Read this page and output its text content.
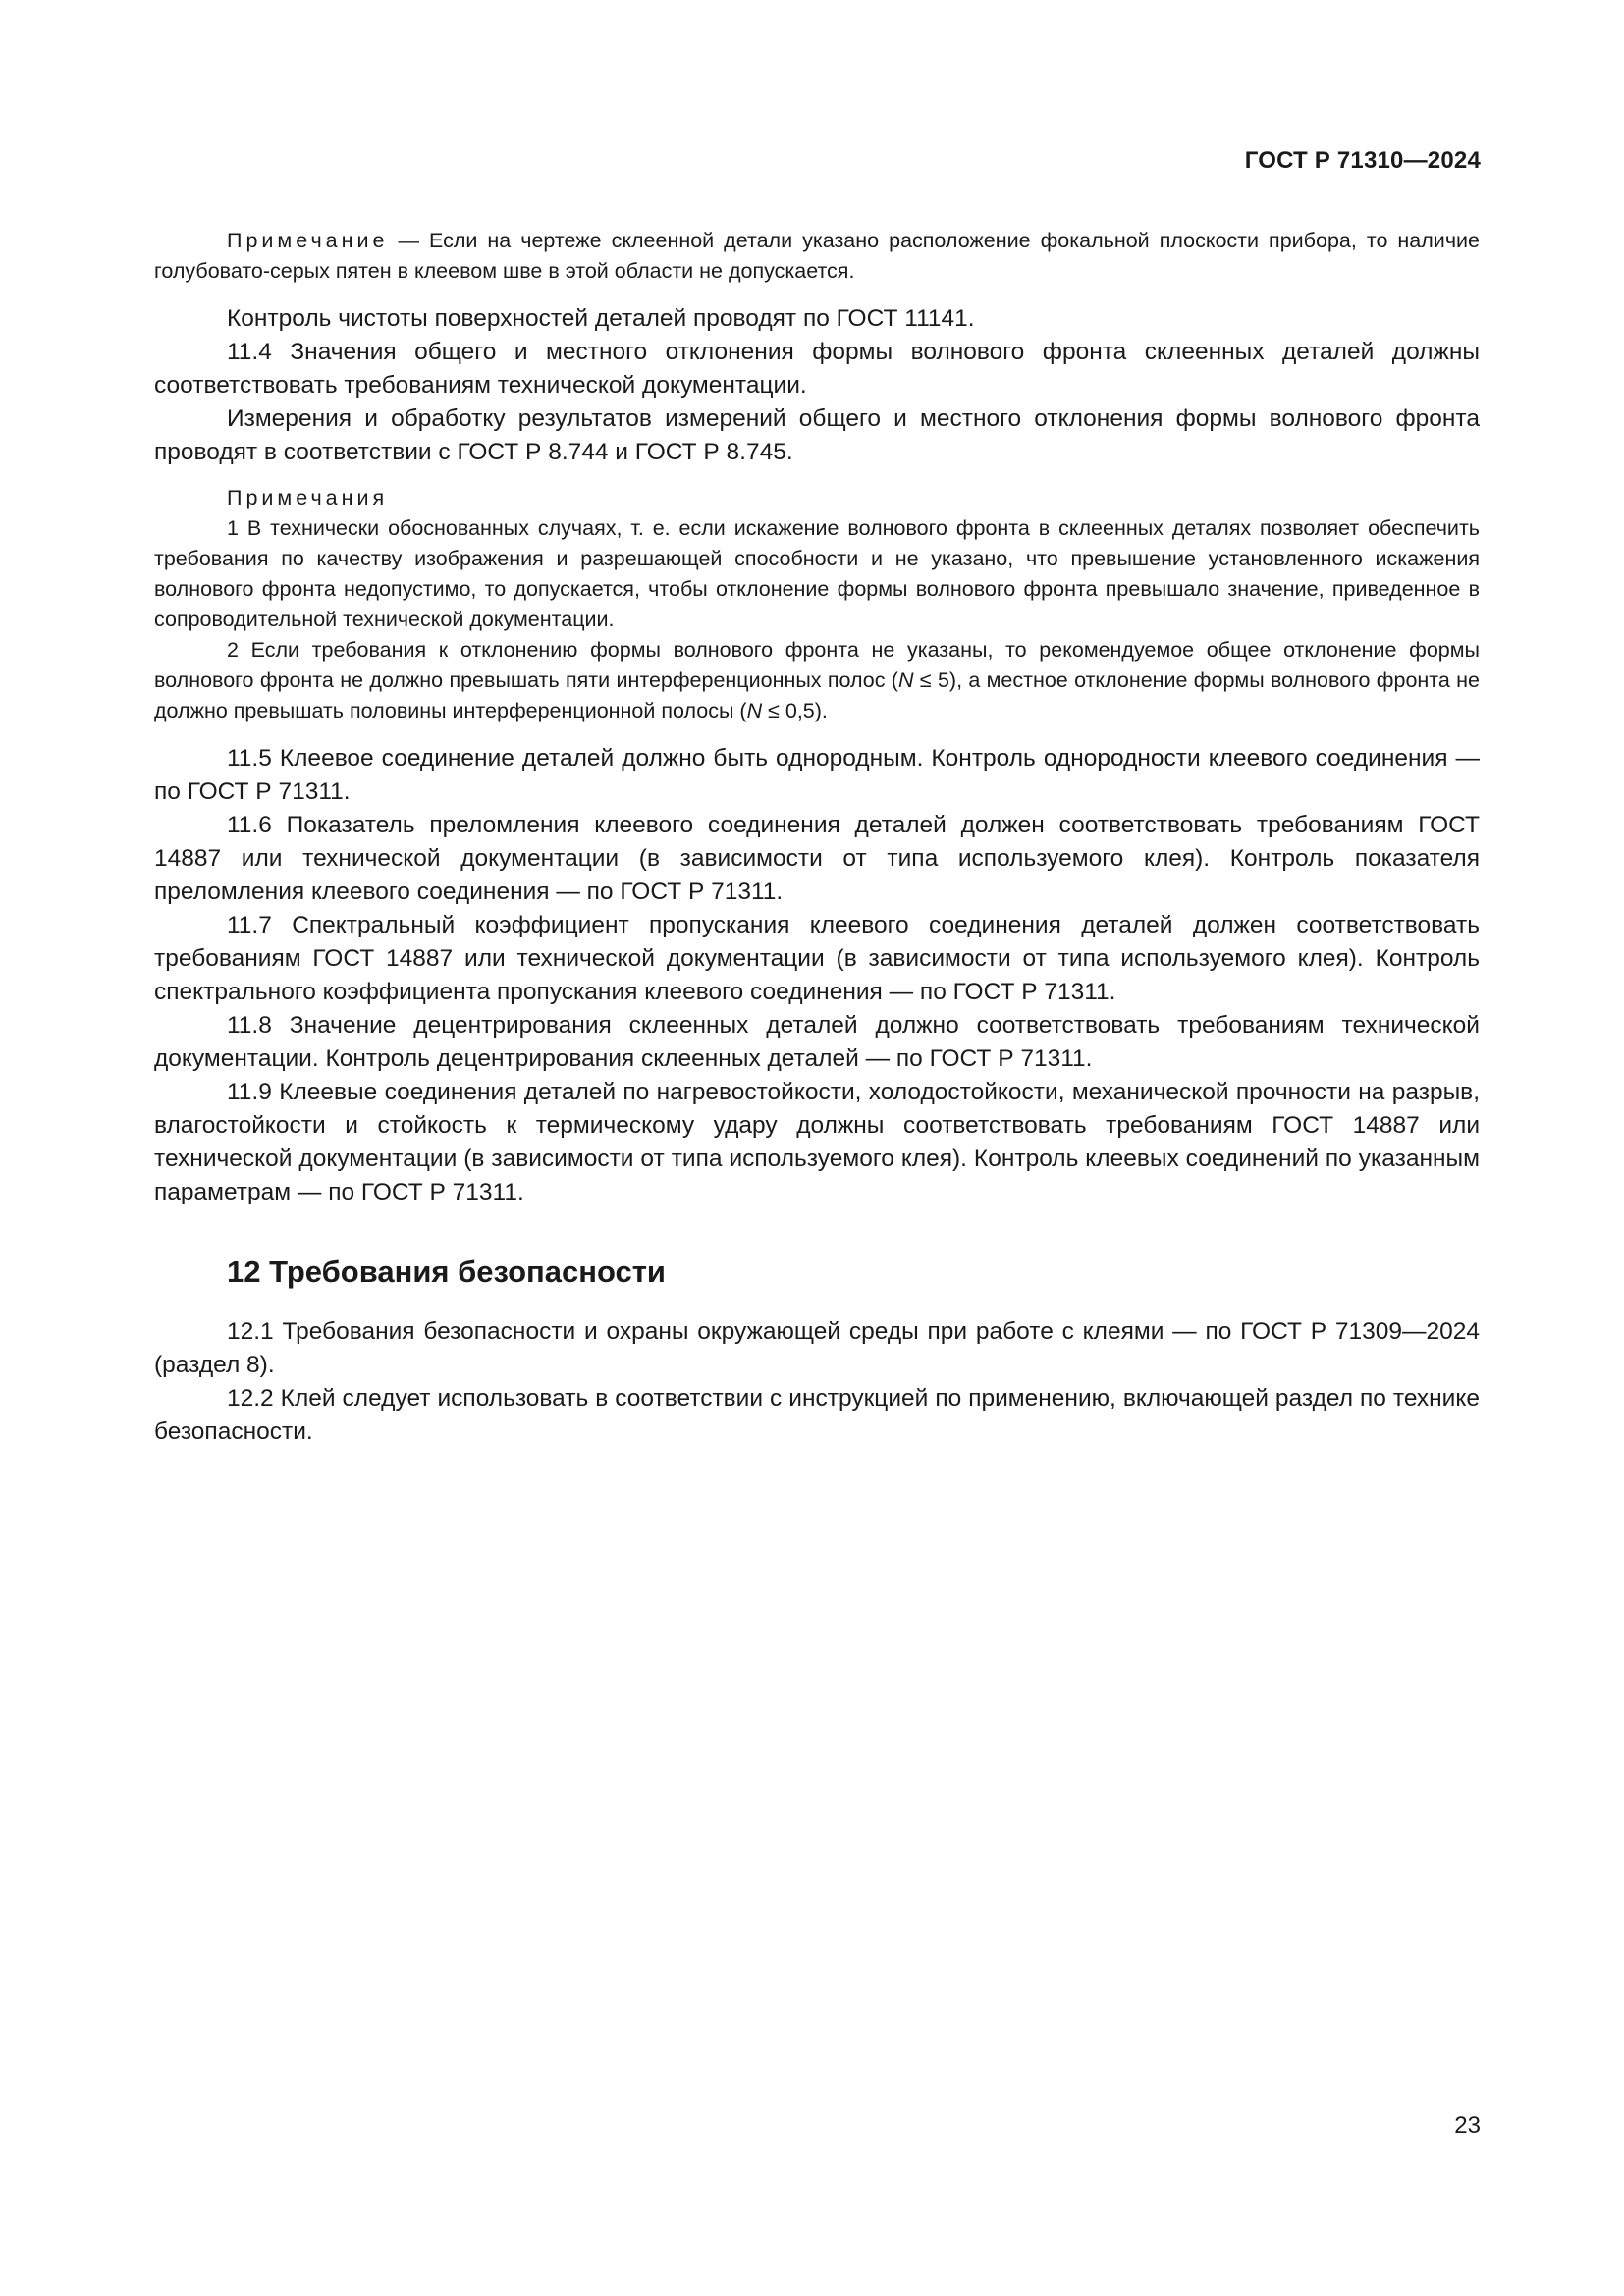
ГОСТ Р 71310—2024

Примечание — Если на чертеже склеенной детали указано расположение фокальной плоскости прибора, то наличие голубовато-серых пятен в клеевом шве в этой области не допускается.

Контроль чистоты поверхностей деталей проводят по ГОСТ 11141.

11.4 Значения общего и местного отклонения формы волнового фронта склеенных деталей должны соответствовать требованиям технической документации.

Измерения и обработку результатов измерений общего и местного отклонения формы волнового фронта проводят в соответствии с ГОСТ Р 8.744 и ГОСТ Р 8.745.

Примечания

1 В технически обоснованных случаях, т. е. если искажение волнового фронта в склеенных деталях позволяет обеспечить требования по качеству изображения и разрешающей способности и не указано, что превышение установленного искажения волнового фронта недопустимо, то допускается, чтобы отклонение формы волнового фронта превышало значение, приведенное в сопроводительной технической документации.

2 Если требования к отклонению формы волнового фронта не указаны, то рекомендуемое общее отклонение формы волнового фронта не должно превышать пяти интерференционных полос (N ≤ 5), а местное отклонение формы волнового фронта не должно превышать половины интерференционной полосы (N ≤ 0,5).

11.5 Клеевое соединение деталей должно быть однородным. Контроль однородности клеевого соединения — по ГОСТ Р 71311.

11.6 Показатель преломления клеевого соединения деталей должен соответствовать требованиям ГОСТ 14887 или технической документации (в зависимости от типа используемого клея). Контроль показателя преломления клеевого соединения — по ГОСТ Р 71311.

11.7 Спектральный коэффициент пропускания клеевого соединения деталей должен соответствовать требованиям ГОСТ 14887 или технической документации (в зависимости от типа используемого клея). Контроль спектрального коэффициента пропускания клеевого соединения — по ГОСТ Р 71311.

11.8 Значение децентрирования склеенных деталей должно соответствовать требованиям технической документации. Контроль децентрирования склеенных деталей — по ГОСТ Р 71311.

11.9 Клеевые соединения деталей по нагревостойкости, холодостойкости, механической прочности на разрыв, влагостойкости и стойкость к термическому удару должны соответствовать требованиям ГОСТ 14887 или технической документации (в зависимости от типа используемого клея). Контроль клеевых соединений по указанным параметрам — по ГОСТ Р 71311.

12 Требования безопасности

12.1 Требования безопасности и охраны окружающей среды при работе с клеями — по ГОСТ Р 71309—2024 (раздел 8).

12.2 Клей следует использовать в соответствии с инструкцией по применению, включающей раздел по технике безопасности.

23
